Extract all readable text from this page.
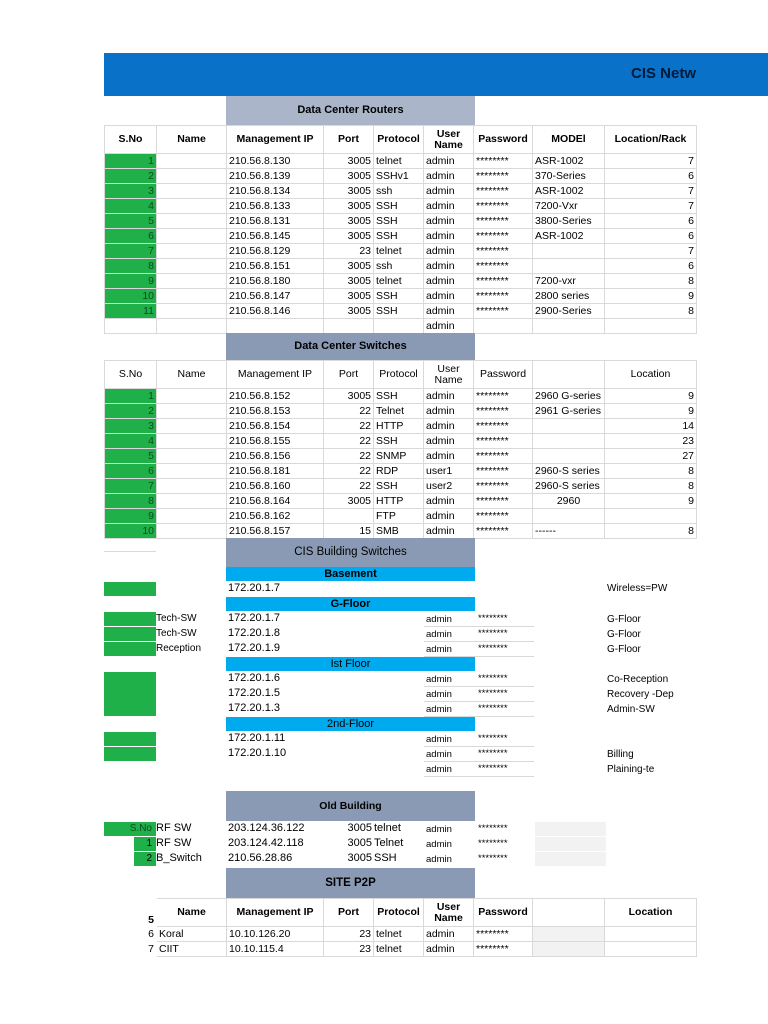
CIS Netw
Data Center Routers
S.No	Name	Management IP	Port	Protocol	User Name	Password	MODEl	Location/Rack
1		210.56.8.130	3005	telnet	admin	********	ASR-1002	7
2		210.56.8.139	3005	SSHv1	admin	********	370-Series	6
3		210.56.8.134	3005	ssh	admin	********	ASR-1002	7
4		210.56.8.133	3005	SSH	admin	********	7200-Vxr	7
5		210.56.8.131	3005	SSH	admin	********	3800-Series	6
6		210.56.8.145	3005	SSH	admin	********	ASR-1002	6
7		210.56.8.129	23	telnet	admin	********		7
8		210.56.8.151	3005	ssh	admin	********		6
9		210.56.8.180	3005	telnet	admin	********	7200-vxr	8
10		210.56.8.147	3005	SSH	admin	********	2800 series	9
11		210.56.8.146	3005	SSH	admin	********	2900-Series	8
					admin			
Data Center Switches
S.No	Name	Management IP	Port	Protocol	User Name	Password		Location
1		210.56.8.152	3005	SSH	admin	********	2960 G-series	9
2		210.56.8.153	22	Telnet	admin	********	2961 G-series	9
3		210.56.8.154	22	HTTP	admin	********		14
4		210.56.8.155	22	SSH	admin	********		23
5		210.56.8.156	22	SNMP	admin	********		27
6		210.56.8.181	22	RDP	user1	********	2960-S series	8
7		210.56.8.160	22	SSH	user2	********	2960-S series	8
8		210.56.8.164	3005	HTTP	admin	********	2960	9
9		210.56.8.162		FTP	admin	********		
10		210.56.8.157	15	SMB	admin	********	------	8
CIS Building Switches
Basement
172.20.1.7	Wireless=PW
G-Floor
Tech-SW	172.20.1.7	admin	********	G-Floor
Tech-SW	172.20.1.8	admin	********	G-Floor
Reception 172.20.1.9	admin	********	G-Floor
Ist Floor
172.20.1.6	admin	********	Co-Reception
172.20.1.5	admin	********	Recovery -Dep
172.20.1.3	admin	********	Admin-SW
2nd-Floor
172.20.1.11	admin	********
172.20.1.10	admin	********	Billing
admin	********	Plaining-te
Old Building
S.No RF SW	203.124.36.122	3005 telnet	admin	********
1 RF SW	203.124.42.118	3005 Telnet admin	********
2 B_Switch 210.56.28.86	3005 SSH	admin	********
SITE P2P
5	Name	Management IP	Port	Protocol	User Name	Password		Location
6	Koral	10.10.126.20	23	telnet	admin	********		
7	CIIT	10.10.115.4	23	telnet	admin	********		
